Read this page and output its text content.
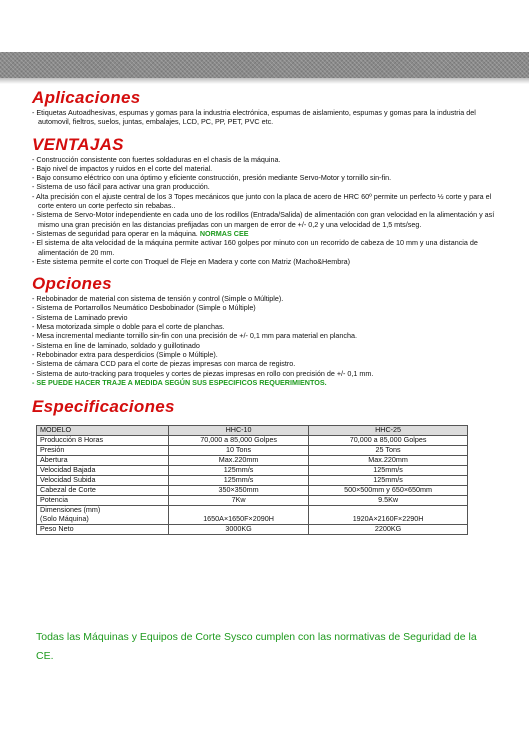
Aplicaciones
- Etiquetas Autoadhesivas, espumas y gomas para la industria electrónica, espumas de aislamiento, espumas y gomas para la industria del automovil, fieltros, suelos, juntas, embalajes, LCD, PC, PP, PET, PVC etc.
VENTAJAS
- Construcción consistente con fuertes soldaduras en el chasis de la máquina.
- Bajo nivel de impactos y ruidos en el corte del material.
- Bajo consumo eléctrico con una óptimo y eficiente construcción, presión mediante Servo-Motor y tornillo sin-fin.
- Sistema de uso fácil para activar una gran producción.
- Alta precisión con el ajuste central de los 3 Topes mecánicos que junto con la placa de acero de HRC 60º permite un perfecto ½ corte y para el corte entero un corte perfecto sin rebabas..
- Sistema de Servo-Motor independiente en cada uno de los rodillos (Entrada/Salida) de alimentación con gran velocidad en la alimentación y así mismo una gran precisión en las distancias prefijadas con un margen de error de +/- 0,2 y una velocidad de 1,5 mts/seg.
- Sistemas de seguridad para operar en la máquina. NORMAS CEE
- El sistema de alta velocidad de la máquina permite activar 160 golpes por minuto con un recorrido de cabeza de 10 mm y una distancia de alimentación de 20 mm.
- Este sistema permite el corte con Troquel de Fleje en Madera y corte con Matriz (Macho&Hembra)
Opciones
- Rebobinador de material con sistema de tensión y control (Simple o Múltiple).
- Sistema de Portarrollos Neumático Desbobinador (Simple o Múltiple)
- Sistema de Laminado previo
- Mesa motorizada simple o doble para el corte de planchas.
- Mesa incremental mediante tornillo sin-fin con una precisión de +/- 0,1 mm para material en plancha.
- Sistema en line de laminado, soldado y guillotinado
- Rebobinador extra para desperdicios (Simple o Múltiple).
- Sistema de cámara CCD para el corte de piezas impresas con marca de registro.
- Sistema de auto-tracking para troqueles y cortes de piezas impresas en rollo con precisión de +/- 0,1 mm.
- SE PUEDE HACER TRAJE A MEDIDA SEGÚN SUS ESPECIFICOS REQUERIMIENTOS.
Especificaciones
MODELO	HHC-10	HHC-25
Producción 8 Horas	70,000 a 85,000 Golpes	70,000 a 85,000 Golpes
Presión	10 Tons	25 Tons
Abertura	Max.220mm	Max.220mm
Velocidad Bajada	125mm/s	125mm/s
Velocidad Subida	125mm/s	125mm/s
Cabezal de Corte	350×350mm	500×500mm y 650×650mm
Potencia	7Kw	9.5Kw
Dimensiones (mm)
(Solo Máquina)	1650A×1650F×2090H	1920A×2160F×2290H
Peso Neto	3000KG	2200KG
Todas las Máquinas y Equipos de Corte Sysco cumplen con las normativas de Seguridad de la CE.
